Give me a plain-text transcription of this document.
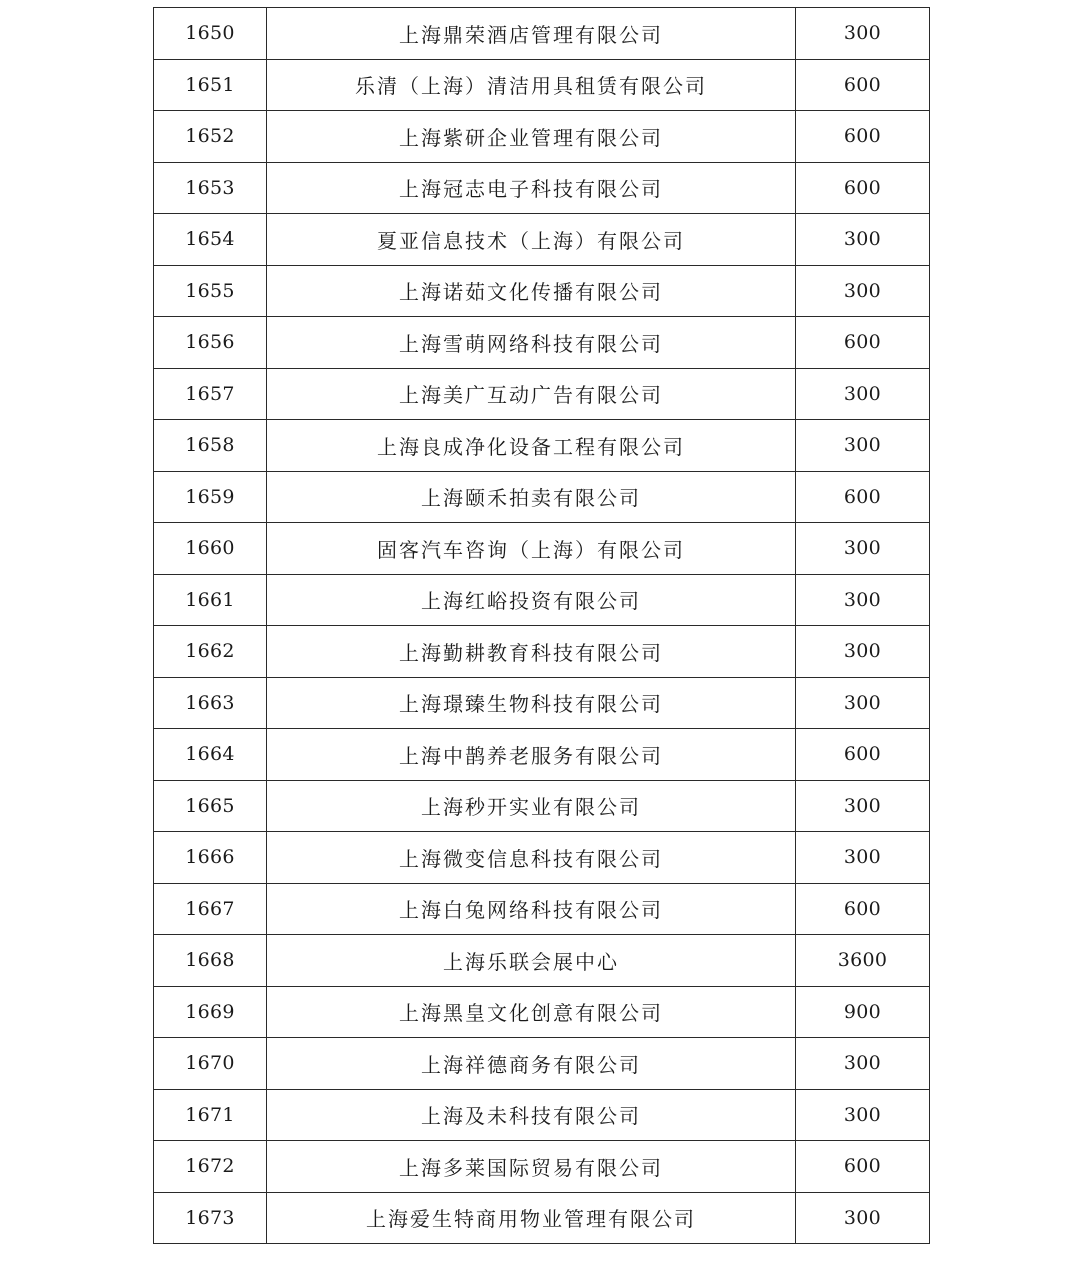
1650	上海鼎荣酒店管理有限公司	300
1651	乐清（上海）清洁用具租赁有限公司	600
1652	上海紫研企业管理有限公司	600
1653	上海冠志电子科技有限公司	600
1654	夏亚信息技术（上海）有限公司	300
1655	上海诺茹文化传播有限公司	300
1656	上海雪萌网络科技有限公司	600
1657	上海美广互动广告有限公司	300
1658	上海良成净化设备工程有限公司	300
1659	上海颐禾拍卖有限公司	600
1660	固客汽车咨询（上海）有限公司	300
1661	上海红峪投资有限公司	300
1662	上海勤耕教育科技有限公司	300
1663	上海璟臻生物科技有限公司	300
1664	上海中鹊养老服务有限公司	600
1665	上海秒开实业有限公司	300
1666	上海微变信息科技有限公司	300
1667	上海白兔网络科技有限公司	600
1668	上海乐联会展中心	3600
1669	上海黑皇文化创意有限公司	900
1670	上海祥德商务有限公司	300
1671	上海及未科技有限公司	300
1672	上海多莱国际贸易有限公司	600
1673	上海爱生特商用物业管理有限公司	300
